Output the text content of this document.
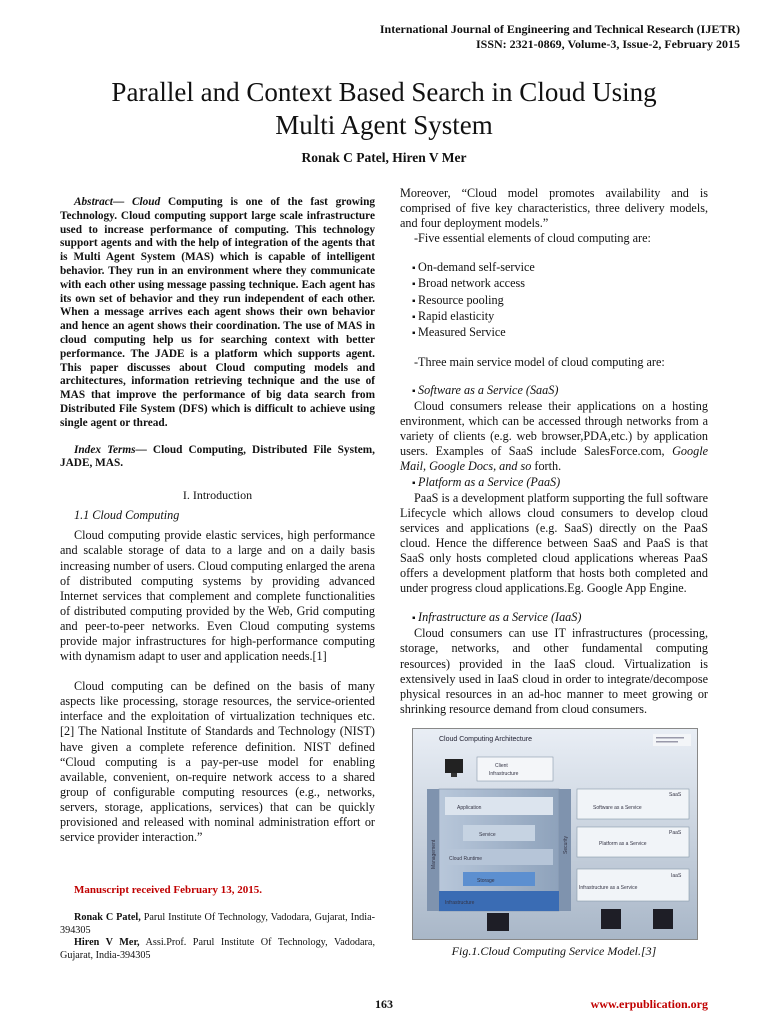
International Journal of Engineering and Technical Research (IJETR)
ISSN: 2321-0869, Volume-3, Issue-2, February 2015
Parallel and Context Based Search in Cloud Using
Multi Agent System
Ronak C Patel, Hiren V Mer
Abstract— Cloud Computing is one of the fast growing Technology. Cloud computing support large scale infrastructure used to increase performance of computing. This technology support agents and with the help of integration of the agents that is Multi Agent System (MAS) which is capable of intelligent behavior. They run in an environment where they communicate with each other using message passing technique. Each agent has its own set of behavior and they run independent of each other. When a message arrives each agent shows their own behavior and hence an agent shows their coordination. The use of MAS in cloud computing help us for searching context with better performance. The JADE is a platform which supports agent. This paper discusses about Cloud computing models and architectures, information retrieving technique and the use of MAS that improve the performance of big data search from Distributed File System (DFS) which is difficult to achieve using single agent or thread.
Index Terms— Cloud Computing, Distributed File System, JADE, MAS.
I. Introduction
1.1 Cloud Computing
Cloud computing provide elastic services, high performance and scalable storage of data to a large and on a daily basis increasing number of users. Cloud computing enlarged the arena of distributed computing systems by providing advanced Internet services that complement and complete functionalities of distributed computing provided by the Web, Grid computing and peer-to-peer networks. Even Cloud computing systems provide major infrastructures for high-performance computing with dynamism adapt to user and application needs.[1]
Cloud computing can be defined on the basis of many aspects like processing, storage resources, the service-oriented interface and the exploitation of virtualization techniques etc. [2] The National Institute of Standards and Technology (NIST) have given a complete reference definition. NIST defined “Cloud computing is a pay-per-use model for enabling available, convenient, on-require network access to a shared group of configurable computing resources (e.g., networks, servers, storage, applications, services) that can be quickly provisioned and released with nominal administration effort or service provider interaction.”
Manuscript received February 13, 2015.
Ronak C Patel, Parul Institute Of Technology, Vadodara, Gujarat, India-394305
Hiren V Mer, Assi.Prof. Parul Institute Of Technology, Vadodara, Gujarat, India-394305
Moreover, “Cloud model promotes availability and is comprised of five key characteristics, three delivery models, and four deployment models.”
-Five essential elements of cloud computing are:
▪ On-demand self-service
▪ Broad network access
▪ Resource pooling
▪ Rapid elasticity
▪ Measured Service
-Three main service model of cloud computing are:
▪ Software as a Service (SaaS)
Cloud consumers release their applications on a hosting environment, which can be accessed through networks from a variety of clients (e.g. web browser,PDA,etc.) by application users. Examples of SaaS include SalesForce.com, Google Mail, Google Docs, and so forth.
▪ Platform as a Service (PaaS)
PaaS is a development platform supporting the full software Lifecycle which allows cloud consumers to develop cloud services and applications (e.g. SaaS) directly on the PaaS cloud. Hence the difference between SaaS and PaaS is that SaaS only hosts completed cloud applications whereas PaaS offers a development platform that hosts both completed and under progress cloud applications.Eg. Google App Engine.
▪ Infrastructure as a Service (IaaS)
Cloud consumers can use IT infrastructures (processing, storage, networks, and other fundamental computing resources) provided in the IaaS cloud. Virtualization is extensively used in IaaS cloud in order to integrate/decompose physical resources in an ad-hoc manner to meet growing or shrinking resource demand from cloud consumers.
Cloud Computing Architecture
Client
Infrastructure
Management	Security
Application
Service
Cloud Runtime
Storage
Infrastructure
Software as a Service
SaaS
Platform as a Service
PaaS
Infrastructure as a Service
IaaS
Fig.1.Cloud Computing Service Model.[3]
163	www.erpublication.org
